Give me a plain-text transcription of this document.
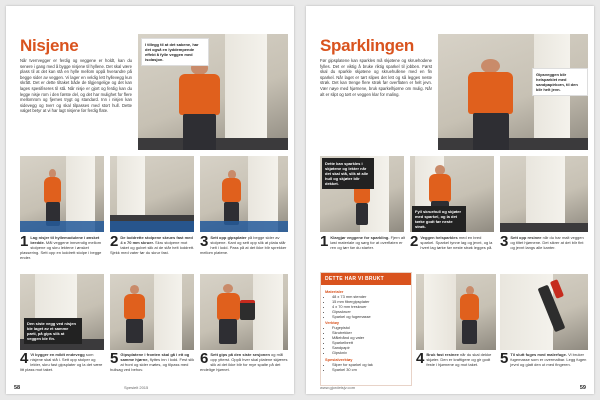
Nisjene
Når tverrvegger er ferdig og veggene er holdt, kan du senere i gang med å bygge nisjene til hyllene. Det skal være plass til at det kan stå en hylle mellom oppå hverandre på begge sider av veggen. Vi lager en veldig lett hyllevegg kun skrått. Det er dette tiltaket både de tilgjengelige og det kan lages spesifiseres til stå. Når nisje er gjort og ferdig kan du legge nisje rom i den første del, og det har mulighet for flere mellomrom og fjernes trygt og standard. Inn i nisjen kan sidevegg og tverr og skal tilpasses med stort hull. Dette valget betyr at vi har lagt nisjene før ferdig flate.
I tillegg til at det sakene, har det også en lyddempende effekt å fylle veggen med isolasjon.
1 Lag nisjer til hyllemodulene i ønsket bredde. Mål veggene innvendig mellom stolpene og skru lektene i ønsket plassering. Sett opp en loddrett stolpe i begge ender.
2 De loddrette stolpene skrues fast med 4 x 70 mm skruer. Skru stolpene mot taket og gulvet slik at de står helt loddrett. Sjekk med vater før du skrur fast.
3 Sett opp gipsplater på begge sider av stolpene. Kant og sett opp slik at plata står helt i lodd. Pass på at det ikke blir sprekker mellom platene.
Den siste vegg ved nisjen ble laget av et samme parti, på gips slik at veggen ble fin.
4 Vi bygger en mildt endevegg som nisjene skal stå i. Sett opp stolper og lekter, skru fast gipsplater og la det være litt plass mot taket.
5 Gipsplatene i fronten skal gå i ett og samme hjørne, flyttes inn i lodd. Fest slik at front og sider møtes, og tilpass med hullsag ved behov.
6 Sett gips på den siste sesjonen og mål opp ytterst. Oppå hver skal platene skjæres slik at det ikke blir for mye spalte på det endelige hjørnet.
58	Spesielt 2015
Sparklingen
Før gipsplatene kan sparkles må skjøtene og skruehodene fylles. Det er viktig å bruke riktig sparkel til jobben. Først skal du sparkle skjøtene og skruehullene med en fin sparkel. Når laget er tørt slipes det lett og så legges neste strøk. Det kan trenge flere strøk før overflaten er helt jevn. Vær nøye med hjørnene, bruk sparkelhjørne om mulig. Når alt er slipt og tørt er veggen klar for maling.
Gipsveggen blir helsparklet med sandpapirkorn, til den blir helt jevn.
Dette kan sparkles i skjøtene og lekter når det skal stå, slik at alle hull og skjøter blir dekket.
Fyll skruehull og skjøter med sparkel, og la det tørke godt før neste strøk.
1 Klargjør veggene for sparkling. Fjern alt løst materiale og sørg for at overflaten er ren og tørr før du starter.	2 Veggen helsparkles med en bred sparkel. Sparkel tynne lag og jevnt, og la hvert lag tørke før neste strøk legges på. 3 Sett opp resinee når du har malt veggen og tiltet hjørnene. Det sikrer at det blir fint og jevnt langs alle kanter.
DETTE HAR VI BRUKT
Materialer
• 48 x 73 mm stender
• 15 mm fibergipsplater
• 4 x 70 mm treskruer
• Gipsskruer
• Sparkel og fugemasse
Verktøy
• Fugepistol
• Skrutrekker
• Målebånd og vater
• Sparkelbrett
• Sandpapir
• Gipskniv
Spesialverktøy
• Sliper for sparkel og tak
• Sparkel 30 cm
4 Bruk fast resinee når du skal dekke skjøter. Den er kraftigere og gir godt feste i hjørnene og mot taket.	5 Til slutt fuges med malerfuge. Vi bruker fugemasse som er overmalbar. Legg fugen jevnt og glatt den ut med fingeren.
www.gjordetsjv.com	59
